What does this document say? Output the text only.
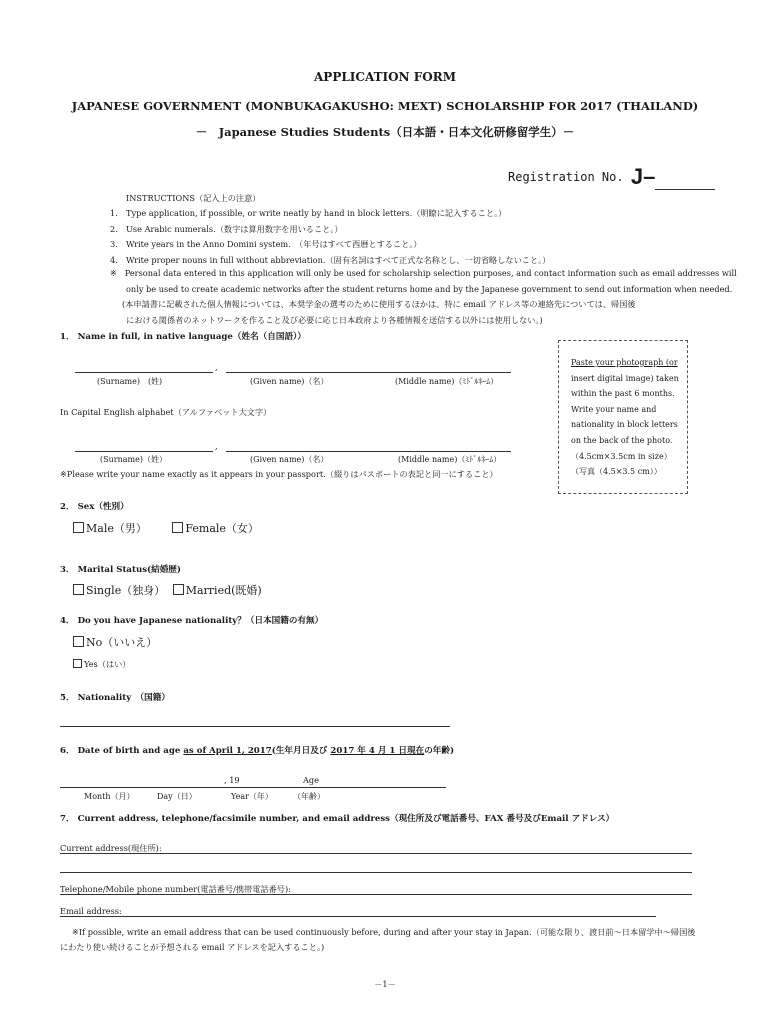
APPLICATION FORM
JAPANESE GOVERNMENT (MONBUKAGAKUSHO: MEXT) SCHOLARSHIP FOR 2017 (THAILAND)
－　Japanese Studies Students（日本語・日本文化研修留学生）－
Registration No. J–
INSTRUCTIONS（記入上の注意）
1． Type application, if possible, or write neatly by hand in block letters.（明瞭に記入すること。）
2． Use Arabic numerals.（数字は算用数字を用いること。）
3． Write years in the Anno Domini system.　（年号はすべて西暦とすること。）
4． Write proper nouns in full without abbreviation.（固有名詞はすべて正式な名称とし、一切省略しないこと。）
※ Personal data entered in this application will only be used for scholarship selection purposes, and contact information such as email addresses will
only be used to create academic networks after the student returns home and by the Japanese government to send out information when needed.
(本申請書に記載された個人情報については、本奨学金の選考のために使用するほかは、特に email アドレス等の連絡先については、帰国後
における関係者のネットワークを作ること及び必要に応じ日本政府より各種情報を送信する以外には使用しない。)
1． Name in full, in native language（姓名（自国語））
,
(Surname)　(姓)	(Given name)（名）	(Middle name)（ﾐﾄﾞﾙﾈｰﾑ）
In Capital English alphabet（アルファベット大文字）
,
(Surname)（姓）	(Given name)（名）	(Middle name)（ﾐﾄﾞﾙﾈｰﾑ）
※Please write your name exactly as it appears in your passport.（綴りはパスポートの表記と同一にすること）
Paste your photograph (or
insert digital image) taken
within the past 6 months.
Write your name and
nationality in block letters
on the back of the photo.
（4.5cm×3.5cm in size）
（写真（4.5×3.5 cm））
2． Sex（性別）
Male（男）	Female（女）
3． Marital Status(結婚歴)
Single（独身） Married(既婚)
4． Do you have Japanese nationality？（日本国籍の有無）
No（いいえ）
Yes（はい）
5． Nationality　（国籍）
6． Date of birth and age as of April 1, 2017(生年月日及び 2017 年 4 月 1 日現在の年齢)
, 19	Age
Month（月）	Day（日）	Year（年）	（年齢）
7． Current address, telephone/facsimile number, and email address（現住所及び電話番号、FAX 番号及びEmail アドレス）
Current address(現住所):
Telephone/Mobile phone number(電話番号/携帯電話番号):
Email address:
※If possible, write an email address that can be used continuously before, during and after your stay in Japan.（可能な限り、渡日前～日本留学中～帰国後
にわたり使い続けることが予想される email アドレスを記入すること。)
－1－
